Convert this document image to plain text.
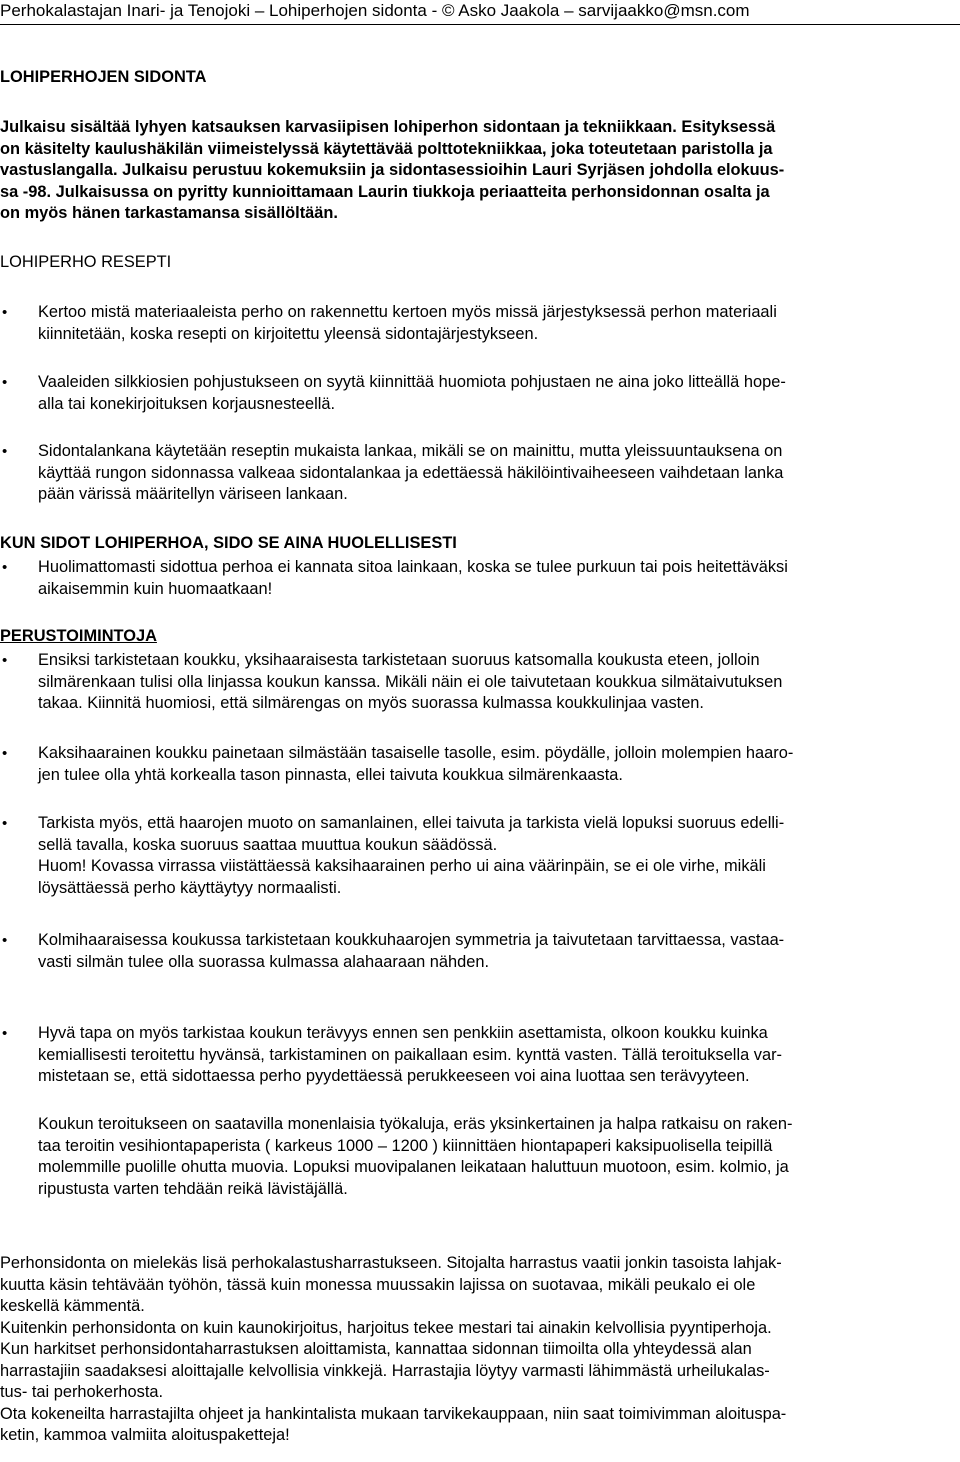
Perhokalastajan Inari- ja Tenojoki – Lohiperhojen sidonta - © Asko Jaakola – sarvijaakko@msn.com
LOHIPERHOJEN SIDONTA
Julkaisu sisältää lyhyen katsauksen karvasiipisen lohiperhon sidontaan ja tekniikkaan. Esityksessä
on käsitelty kaulushäkilän viimeistelyssä käytettävää polttotekniikkaa, joka toteutetaan paristolla ja
vastuslangalla. Julkaisu perustuu kokemuksiin ja sidontasessioihin Lauri Syrjäsen johdolla elokuus-
sa -98. Julkaisussa on pyritty kunnioittamaan Laurin tiukkoja periaatteita perhonsidonnan osalta ja
on myös hänen tarkastamansa sisällöltään.
LOHIPERHO RESEPTI
• Kertoo mistä materiaaleista perho on rakennettu kertoen myös missä järjestyksessä perhon materiaali
kiinnitetään, koska resepti on kirjoitettu yleensä sidontajärjestykseen.
• Vaaleiden silkkiosien pohjustukseen on syytä kiinnittää huomiota pohjustaen ne aina joko litteällä hope-
alla tai konekirjoituksen korjausnesteellä.
• Sidontalankana käytetään reseptin mukaista lankaa, mikäli se on mainittu, mutta yleissuuntauksena on
käyttää rungon sidonnassa valkeaa sidontalankaa ja edettäessä häkilöintivaiheeseen vaihdetaan lanka
pään värissä määritellyn väriseen lankaan.
KUN SIDOT LOHIPERHOA, SIDO SE AINA HUOLELLISESTI
• Huolimattomasti sidottua perhoa ei kannata sitoa lainkaan, koska se tulee purkuun tai pois heitettäväksi
aikaisemmin kuin huomaatkaan!
PERUSTOIMINTOJA
• Ensiksi tarkistetaan koukku, yksihaaraisesta tarkistetaan suoruus katsomalla koukusta eteen, jolloin
silmärenkaan tulisi olla linjassa koukun kanssa. Mikäli näin ei ole taivutetaan koukkua silmätaivutuksen
takaa. Kiinnitä huomiosi, että silmärengas on myös suorassa kulmassa koukkulinjaa vasten.
• Kaksihaarainen koukku painetaan silmästään tasaiselle tasolle, esim. pöydälle, jolloin molempien haaro-
jen tulee olla yhtä korkealla tason pinnasta, ellei taivuta koukkua silmärenkaasta.
• Tarkista myös, että haarojen muoto on samanlainen, ellei taivuta ja tarkista vielä lopuksi suoruus edelli-
sellä tavalla, koska suoruus saattaa muuttua koukun säädössä.
Huom! Kovassa virrassa viistättäessä kaksihaarainen perho ui aina väärinpäin, se ei ole virhe, mikäli
löysättäessä perho käyttäytyy normaalisti.
• Kolmihaaraisessa koukussa tarkistetaan koukkuhaarojen symmetria ja taivutetaan tarvittaessa, vastaa-
vasti silmän tulee olla suorassa kulmassa alahaaraan nähden.
• Hyvä tapa on myös tarkistaa koukun terävyys ennen sen penkkiin asettamista, olkoon koukku kuinka
kemiallisesti teroitettu hyvänsä, tarkistaminen on paikallaan esim. kynttä vasten. Tällä teroituksella var-
mistetaan se, että sidottaessa perho pyydettäessä perukkeeseen voi aina luottaa sen terävyyteen.
Koukun teroitukseen on saatavilla monenlaisia työkaluja, eräs yksinkertainen ja halpa ratkaisu on raken-
taa teroitin vesihiontapaperista ( karkeus 1000 – 1200 ) kiinnittäen hiontapaperi kaksipuolisella teipillä
molemmille puolille ohutta muovia. Lopuksi muovipalanen leikataan haluttuun muotoon, esim. kolmio, ja
ripustusta varten tehdään reikä lävistäjällä.
Perhonsidonta on mielekäs lisä perhokalastusharrastukseen. Sitojalta harrastus vaatii jonkin tasoista lahjak-
kuutta käsin tehtävään työhön, tässä kuin monessa muussakin lajissa on suotavaa, mikäli peukalo ei ole
keskellä kämmentä.
Kuitenkin perhonsidonta on kuin kaunokirjoitus, harjoitus tekee mestari tai ainakin kelvollisia pyyntiperhoja.
Kun harkitset perhonsidontaharrastuksen aloittamista, kannattaa sidonnan tiimoilta olla yhteydessä alan
harrastajiin saadaksesi aloittajalle kelvollisia vinkkejä. Harrastajia löytyy varmasti lähimmästä urheilukalas-
tus- tai perhokerhosta.
Ota kokeneilta harrastajilta ohjeet ja hankintalista mukaan tarvikekauppaan, niin saat toimivimman aloituspa-
ketin, kammoa valmiita aloituspaketteja!
